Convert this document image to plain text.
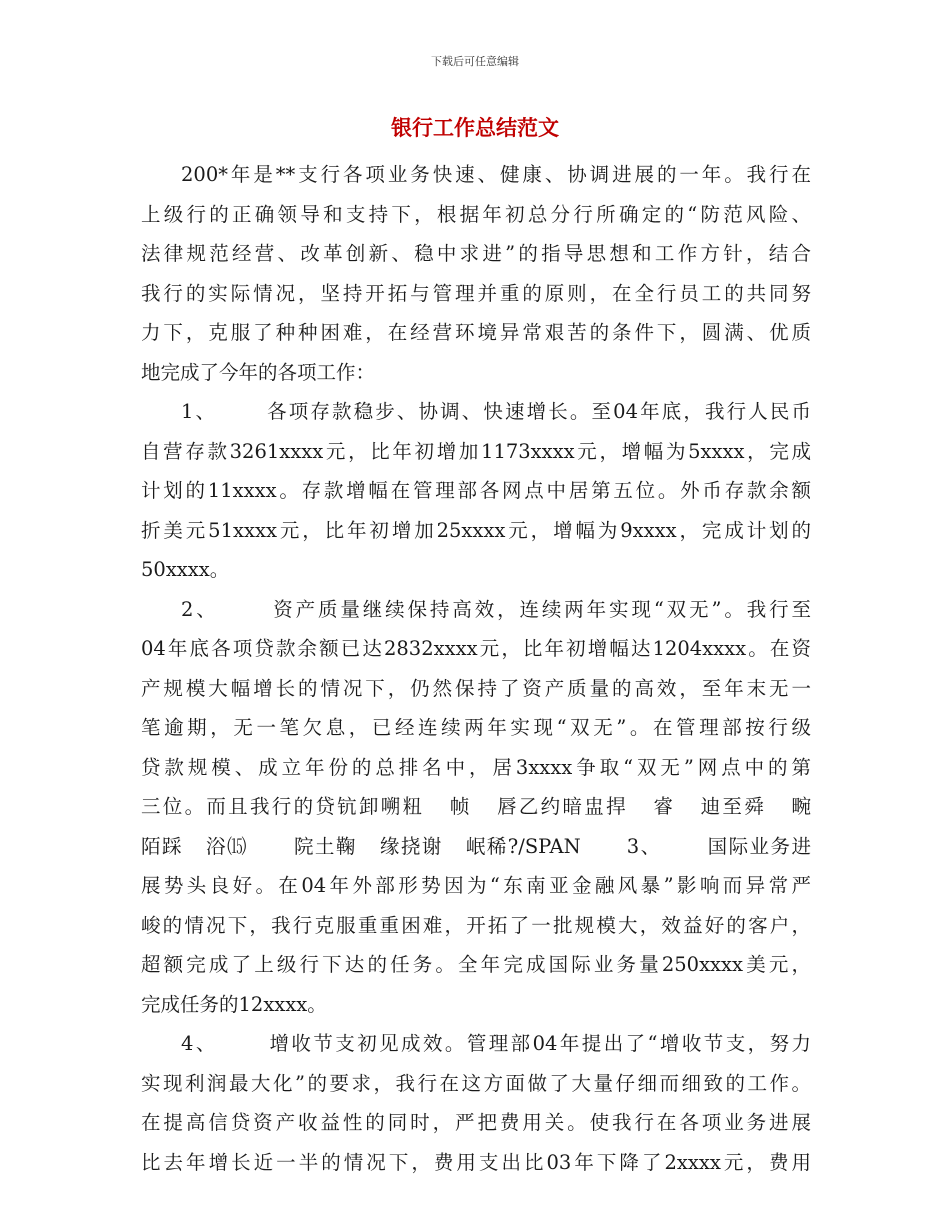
下载后可任意编辑
银行工作总结范文
200*年是**支行各项业务快速、健康、协调进展的一年。我行在
上级行的正确领导和支持下，根据年初总分行所确定的“防范风险、
法律规范经营、改革创新、稳中求进”的指导思想和工作方针，结合
我行的实际情况，坚持开拓与管理并重的原则，在全行员工的共同努
力下，克服了种种困难，在经营环境异常艰苦的条件下，圆满、优质
地完成了今年的各项工作：
1、      各项存款稳步、协调、快速增长。至04年底，我行人民币
自营存款3261xxxx元，比年初增加1173xxxx元，增幅为5xxxx，完成
计划的11xxxx。存款增幅在管理部各网点中居第五位。外币存款余额
折美元51xxxx元，比年初增加25xxxx元，增幅为9xxxx，完成计划的
50xxxx。
2、      资产质量继续保持高效，连续两年实现“双无”。我行至
04年底各项贷款余额已达2832xxxx元，比年初增幅达1204xxxx。在资
产规模大幅增长的情况下，仍然保持了资产质量的高效，至年末无一
笔逾期，无一笔欠息，已经连续两年实现“双无”。在管理部按行级
贷款规模、成立年份的总排名中，居3xxxx争取“双无”网点中的第
三位。而且我行的贷钪卸嗍粈   帧   唇乙约暗盅捍   睿   迪至舜   畹
陌踩   浴⒂      院土鞠   缘挠谢   岷稀?/SPAN      3、      国际业务进
展势头良好。在04年外部形势因为“东南亚金融风暴”影响而异常严
峻的情况下，我行克服重重困难，开拓了一批规模大，效益好的客户，
超额完成了上级行下达的任务。全年完成国际业务量250xxxx美元，
完成任务的12xxxx。
4、      增收节支初见成效。管理部04年提出了“增收节支，努力
实现利润最大化”的要求，我行在这方面做了大量仔细而细致的工作。
在提高信贷资产收益性的同时，严把费用关。使我行在各项业务进展
比去年增长近一半的情况下，费用支出比03年下降了2xxxx元，费用
